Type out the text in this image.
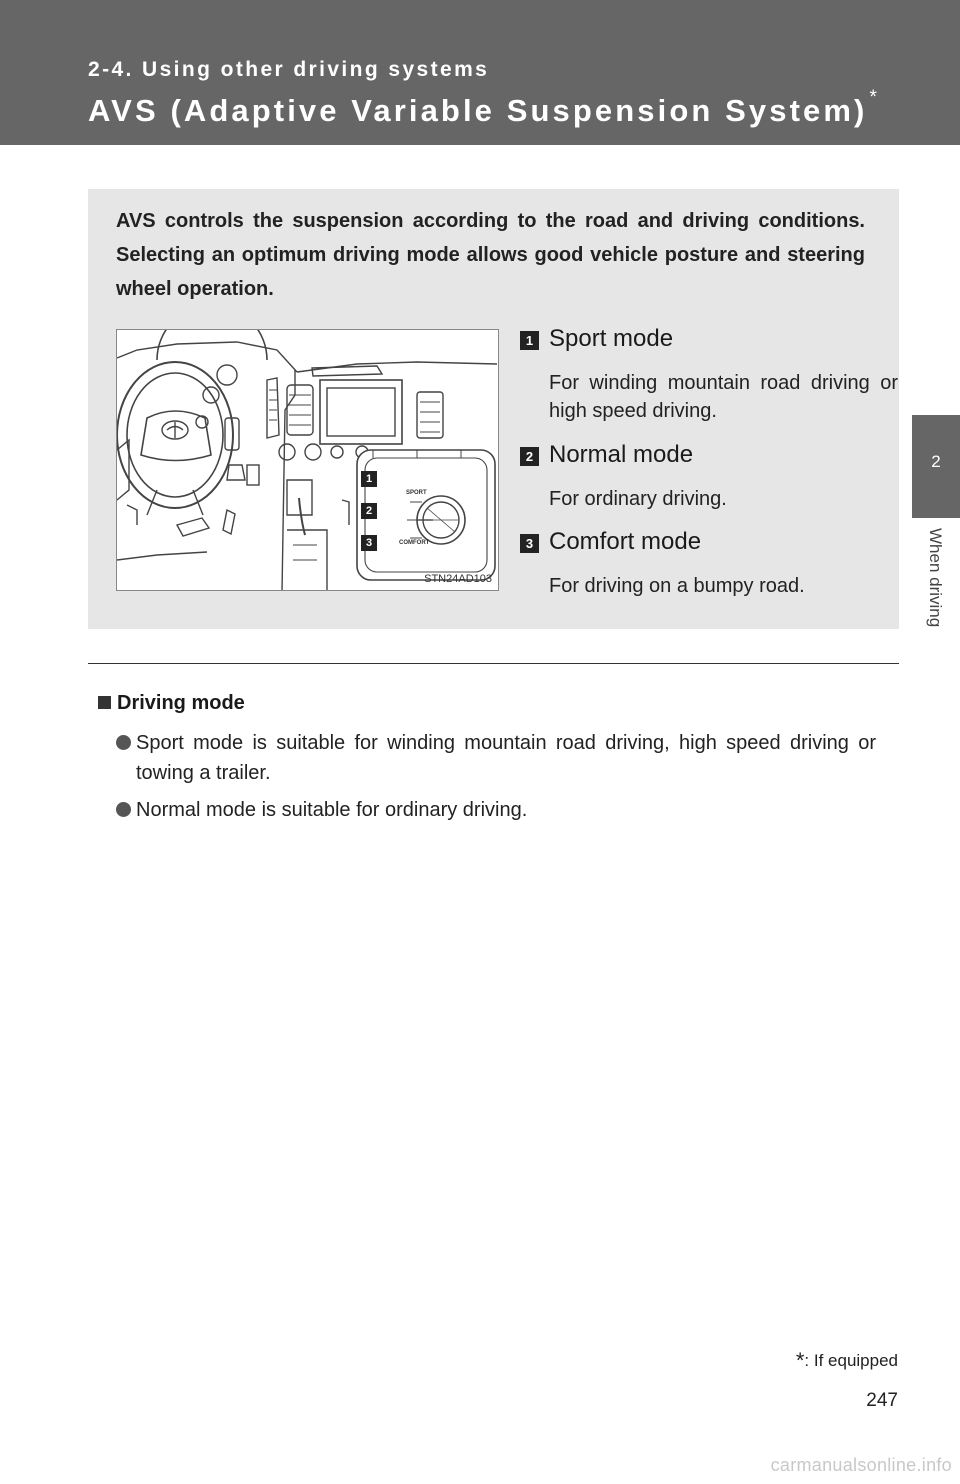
2-4. Using other driving systems
AVS (Adaptive Variable Suspension System) *
2
When driving

AVS controls the suspension according to the road and driving conditions. Selecting an optimum driving mode allows good vehicle posture and steering wheel operation.

1
2
3
SPORT
COMFORT
STN24AD103
1 Sport mode

For winding mountain road driving or high speed driving.

2 Normal mode

For ordinary driving.

3 Comfort mode

For driving on a bumpy road.

Driving mode

Sport mode is suitable for winding mountain road driving, high speed driving or towing a trailer.

Normal mode is suitable for ordinary driving.

*: If equipped
247
carmanualsonline.info
